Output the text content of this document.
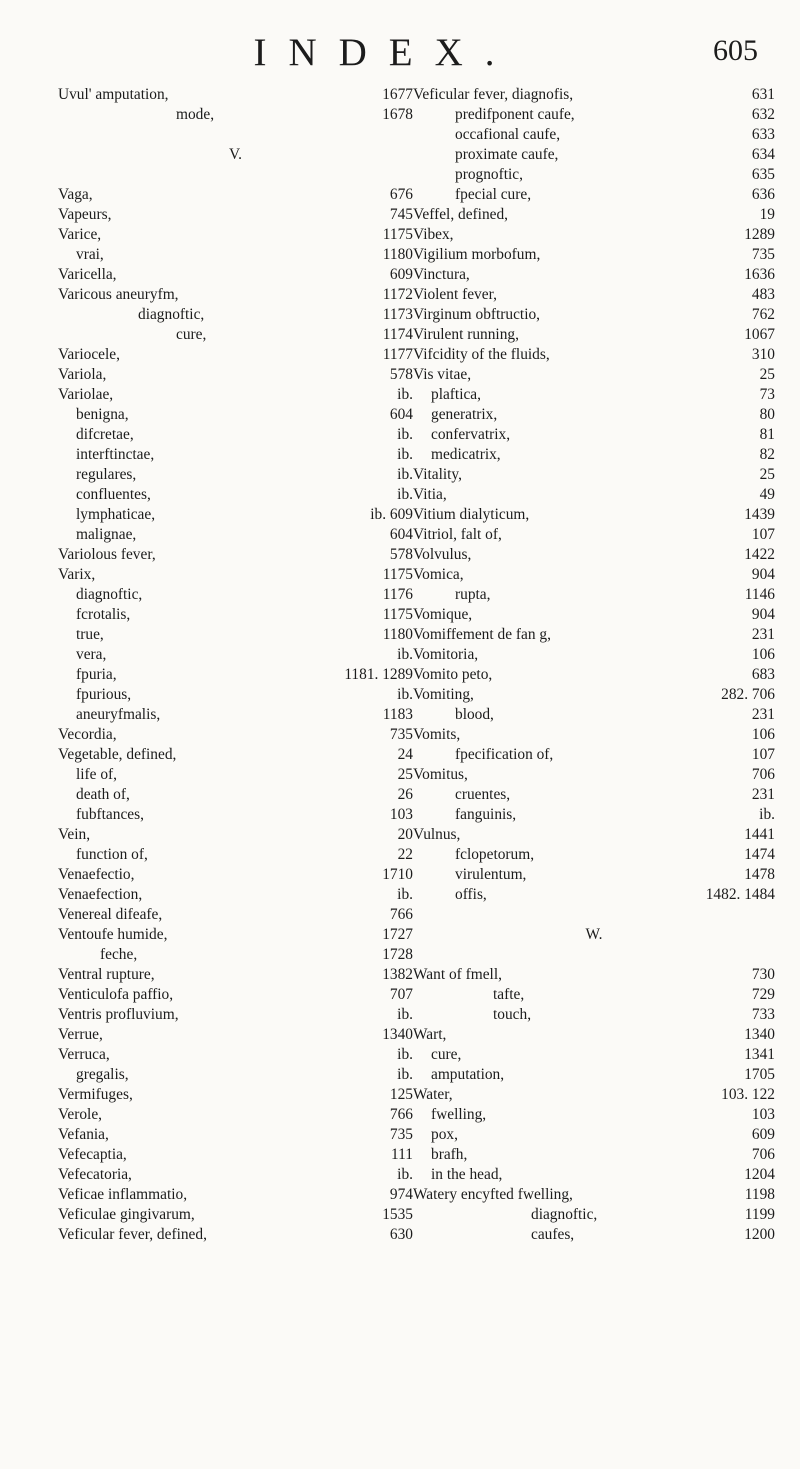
INDEX.	605
Uvul' amputation,	1677
mode,	1678
V.
Vaga,	676
Vapeurs,	745
Varice,	1175
vrai,	1180
Varicella,	609
Varicous aneuryfm,	1172
diagnoftic,	1173
cure,	1174
Variocele,	1177
Variola,	578
Variolae,	ib.
benigna,	604
difcretae,	ib.
interftinctae,	ib.
regulares,	ib.
confluentes,	ib.
lymphaticae,	ib. 609
malignae,	604
Variolous fever,	578
Varix,	1175
diagnoftic,	1176
fcrotalis,	1175
true,	1180
vera,	ib.
fpuria,	1181. 1289
fpurious,	ib.
aneuryfmalis,	1183
Vecordia,	735
Vegetable, defined,	24
life of,	25
death of,	26
fubftances,	103
Vein,	20
function of,	22
Venaefectio,	1710
Venaefection,	ib.
Venereal difeafe,	766
Ventoufe humide,	1727
feche,	1728
Ventral rupture,	1382
Venticulofa paffio,	707
Ventris profluvium,	ib.
Verrue,	1340
Verruca,	ib.
gregalis,	ib.
Vermifuges,	125
Verole,	766
Vefania,	735
Vefecaptia,	111
Vefecatoria,	ib.
Veficae inflammatio,	974
Veficulae gingivarum,	1535
Veficular fever, defined,	630
Veficular fever, diagnofis,	631
predifponent caufe,	632
occafional caufe,	633
proximate caufe,	634
prognoftic,	635
fpecial cure,	636
Veffel, defined,	19
Vibex,	1289
Vigilium morbofum,	735
Vinctura,	1636
Violent fever,	483
Virginum obftructio,	762
Virulent running,	1067
Vifcidity of the fluids,	310
Vis vitae,	25
plaftica,	73
generatrix,	80
confervatrix,	81
medicatrix,	82
Vitality,	25
Vitia,	49
Vitium dialyticum,	1439
Vitriol, falt of,	107
Volvulus,	1422
Vomica,	904
rupta,	1146
Vomique,	904
Vomiffement de fan g,	231
Vomitoria,	106
Vomito peto,	683
Vomiting,	282. 706
blood,	231
Vomits,	106
fpecification of,	107
Vomitus,	706
cruentes,	231
fanguinis,	ib.
Vulnus,	1441
fclopetorum,	1474
virulentum,	1478
offis,	1482. 1484
W.
Want of fmell,	730
tafte,	729
touch,	733
Wart,	1340
cure,	1341
amputation,	1705
Water,	103. 122
fwelling,	103
pox,	609
brafh,	706
in the head,	1204
Watery encyfted fwelling,	1198
diagnoftic,	1199
caufes,	1200
